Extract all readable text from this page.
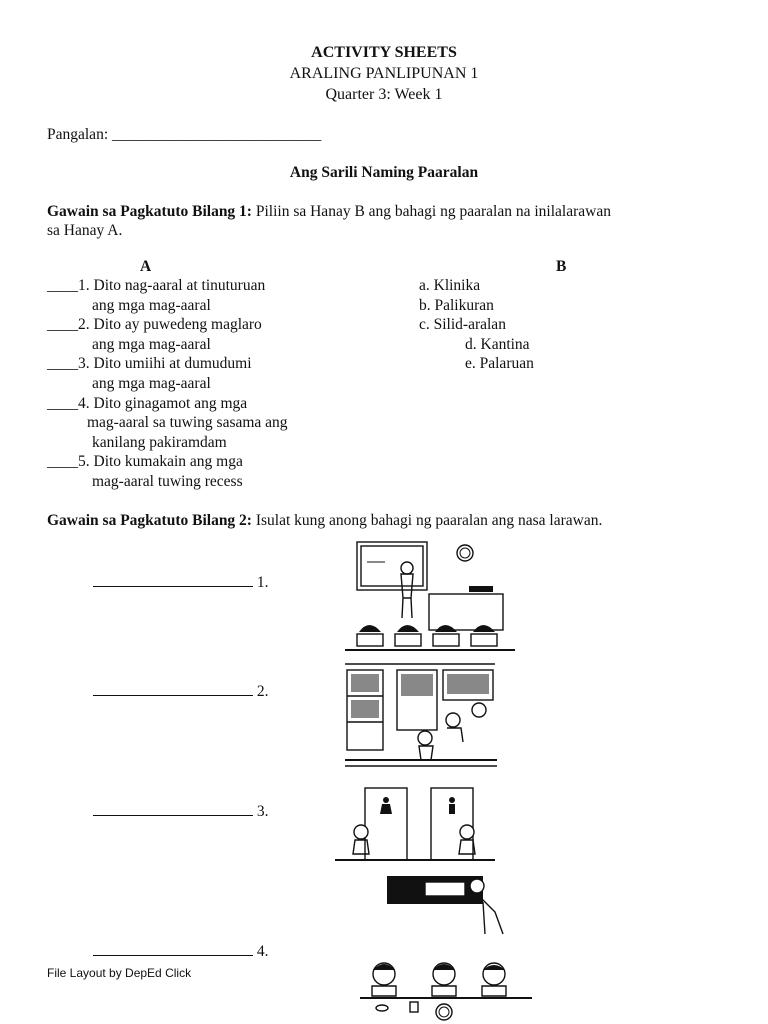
ACTIVITY SHEETS
ARALING PANLIPUNAN 1
Quarter 3: Week 1
Pangalan: ___________________________
Ang Sarili Naming Paaralan
Gawain sa Pagkatuto Bilang 1: Piliin sa Hanay B ang bahagi ng paaralan na inilalarawan
sa Hanay A.
A	B
____1. Dito nag-aaral at tinuturuan
ang mga mag-aaral
____2. Dito ay puwedeng maglaro
ang mga mag-aaral
____3. Dito umiihi at dumudumi
ang mga mag-aaral
____4. Dito ginagamot ang mga
mag-aaral sa tuwing sasama ang
kanilang pakiramdam
____5. Dito kumakain ang mga
mag-aaral tuwing recess
a. Klinika
b. Palikuran
c. Silid-aralan
d. Kantina
e. Palaruan
Gawain sa Pagkatuto Bilang 2: Isulat kung anong bahagi ng paaralan ang nasa larawan.
1.
2.
3.
4.
File Layout by DepEd Click
